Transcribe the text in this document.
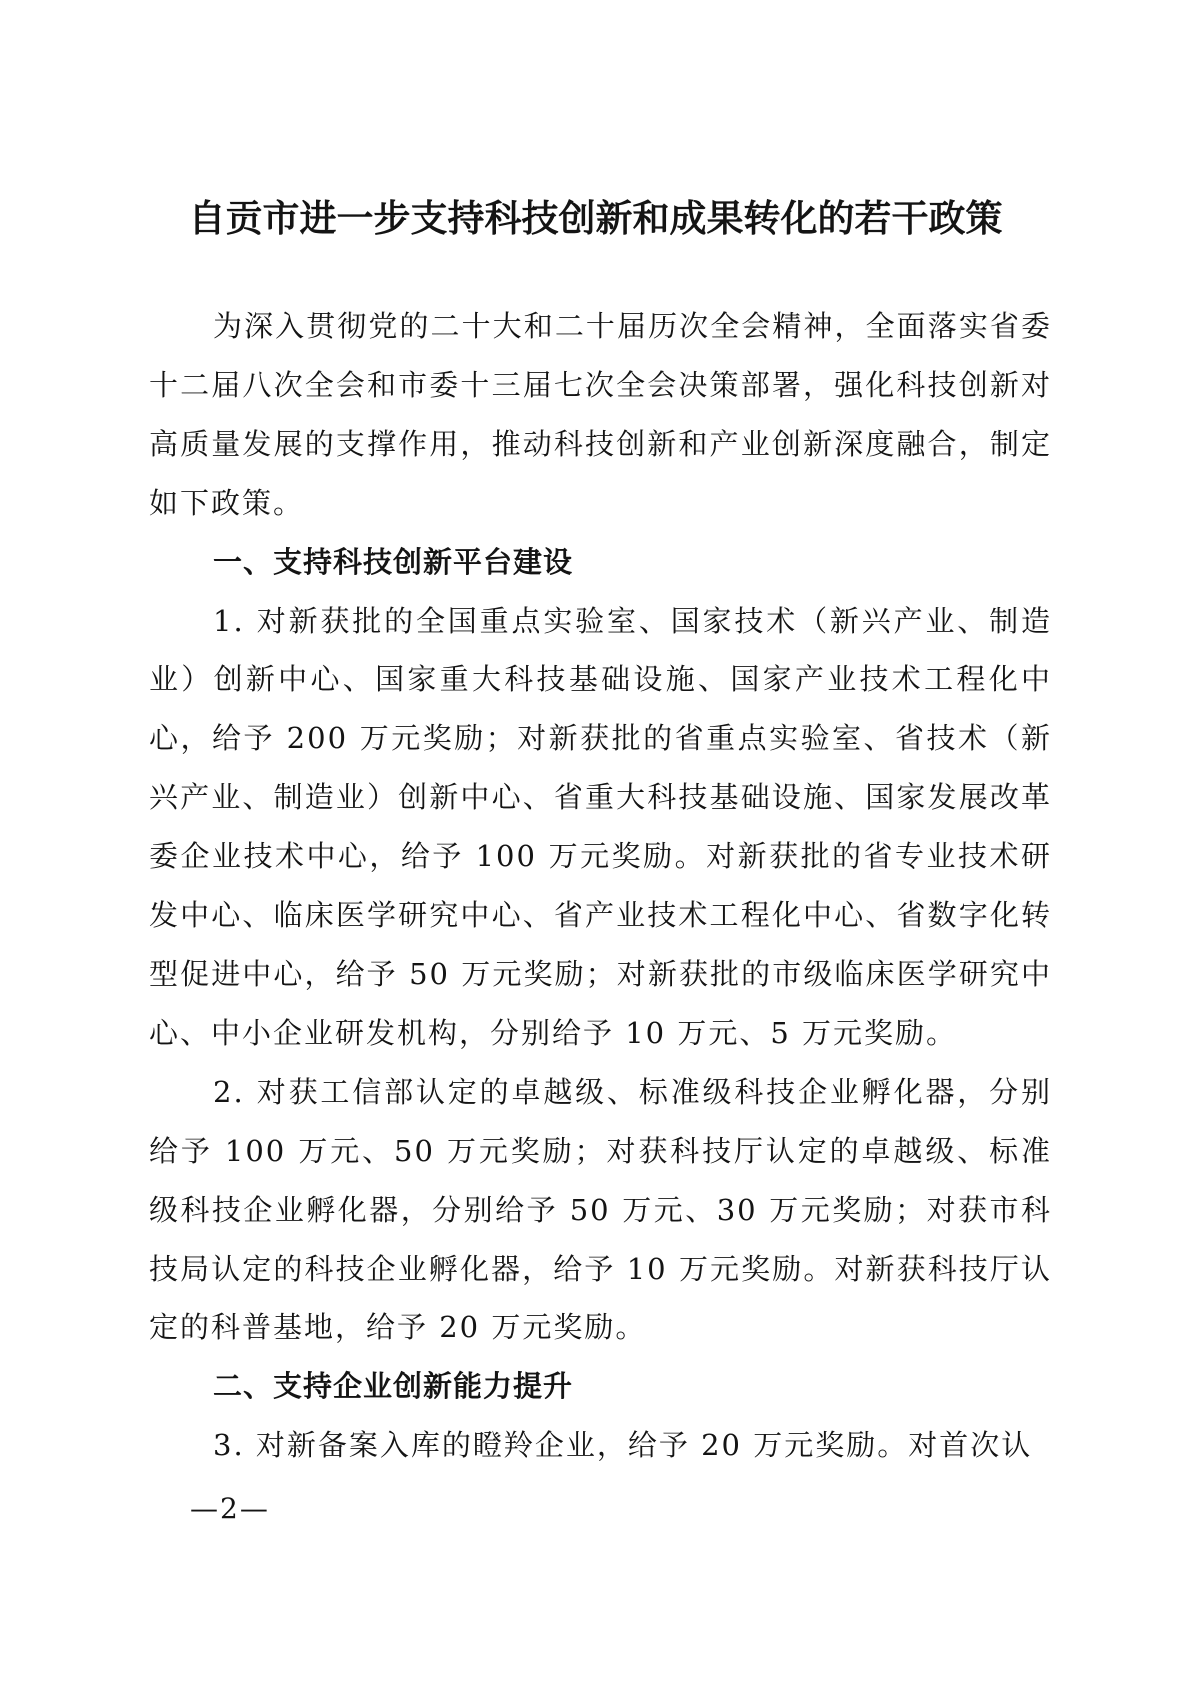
自贡市进一步支持科技创新和成果转化的若干政策

为深入贯彻党的二十大和二十届历次全会精神，全面落实省委十二届八次全会和市委十三届七次全会决策部署，强化科技创新对高质量发展的支撑作用，推动科技创新和产业创新深度融合，制定如下政策。

一、支持科技创新平台建设

1. 对新获批的全国重点实验室、国家技术（新兴产业、制造业）创新中心、国家重大科技基础设施、国家产业技术工程化中心，给予 200 万元奖励；对新获批的省重点实验室、省技术（新兴产业、制造业）创新中心、省重大科技基础设施、国家发展改革委企业技术中心，给予 100 万元奖励。对新获批的省专业技术研发中心、临床医学研究中心、省产业技术工程化中心、省数字化转型促进中心，给予 50 万元奖励；对新获批的市级临床医学研究中心、中小企业研发机构，分别给予 10 万元、5 万元奖励。

2. 对获工信部认定的卓越级、标准级科技企业孵化器，分别给予 100 万元、50 万元奖励；对获科技厅认定的卓越级、标准级科技企业孵化器，分别给予 50 万元、30 万元奖励；对获市科技局认定的科技企业孵化器，给予 10 万元奖励。对新获科技厅认定的科普基地，给予 20 万元奖励。

二、支持企业创新能力提升

3. 对新备案入库的瞪羚企业，给予 20 万元奖励。对首次认

—2—
